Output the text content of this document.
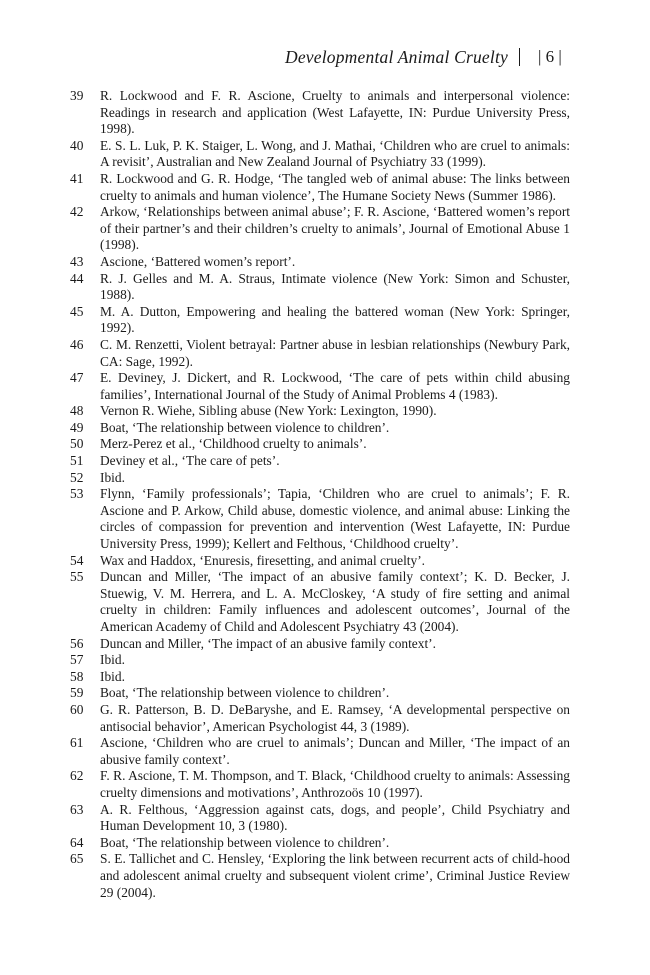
Developmental Animal Cruelty | 6 |
39	R. Lockwood and F. R. Ascione, Cruelty to animals and interpersonal violence: Readings in research and application (West Lafayette, IN: Purdue University Press, 1998).
40	E. S. L. Luk, P. K. Staiger, L. Wong, and J. Mathai, ‘Children who are cruel to animals: A revisit’, Australian and New Zealand Journal of Psychiatry 33 (1999).
41	R. Lockwood and G. R. Hodge, ‘The tangled web of animal abuse: The links between cruelty to animals and human violence’, The Humane Society News (Summer 1986).
42	Arkow, ‘Relationships between animal abuse’; F. R. Ascione, ‘Battered women’s report of their partner’s and their children’s cruelty to animals’, Journal of Emotional Abuse 1 (1998).
43	Ascione, ‘Battered women’s report’.
44	R. J. Gelles and M. A. Straus, Intimate violence (New York: Simon and Schuster, 1988).
45	M. A. Dutton, Empowering and healing the battered woman (New York: Springer, 1992).
46	C. M. Renzetti, Violent betrayal: Partner abuse in lesbian relationships (Newbury Park, CA: Sage, 1992).
47	E. Deviney, J. Dickert, and R. Lockwood, ‘The care of pets within child abusing families’, International Journal of the Study of Animal Problems 4 (1983).
48	Vernon R. Wiehe, Sibling abuse (New York: Lexington, 1990).
49	Boat, ‘The relationship between violence to children’.
50	Merz-Perez et al., ‘Childhood cruelty to animals’.
51	Deviney et al., ‘The care of pets’.
52	Ibid.
53	Flynn, ‘Family professionals’; Tapia, ‘Children who are cruel to animals’; F. R. Ascione and P. Arkow, Child abuse, domestic violence, and animal abuse: Linking the circles of compassion for prevention and intervention (West Lafayette, IN: Purdue University Press, 1999); Kellert and Felthous, ‘Childhood cruelty’.
54	Wax and Haddox, ‘Enuresis, firesetting, and animal cruelty’.
55	Duncan and Miller, ‘The impact of an abusive family context’; K. D. Becker, J. Stuewig, V. M. Herrera, and L. A. McCloskey, ‘A study of fire setting and animal cruelty in children: Family influences and adolescent outcomes’, Journal of the American Academy of Child and Adolescent Psychiatry 43 (2004).
56	Duncan and Miller, ‘The impact of an abusive family context’.
57	Ibid.
58	Ibid.
59	Boat, ‘The relationship between violence to children’.
60	G. R. Patterson, B. D. DeBaryshe, and E. Ramsey, ‘A developmental perspective on antisocial behavior’, American Psychologist 44, 3 (1989).
61	Ascione, ‘Children who are cruel to animals’; Duncan and Miller, ‘The impact of an abusive family context’.
62	F. R. Ascione, T. M. Thompson, and T. Black, ‘Childhood cruelty to animals: Assessing cruelty dimensions and motivations’, Anthrozoös 10 (1997).
63	A. R. Felthous, ‘Aggression against cats, dogs, and people’, Child Psychiatry and Human Development 10, 3 (1980).
64	Boat, ‘The relationship between violence to children’.
65	S. E. Tallichet and C. Hensley, ‘Exploring the link between recurrent acts of child-hood and adolescent animal cruelty and subsequent violent crime’, Criminal Justice Review 29 (2004).
